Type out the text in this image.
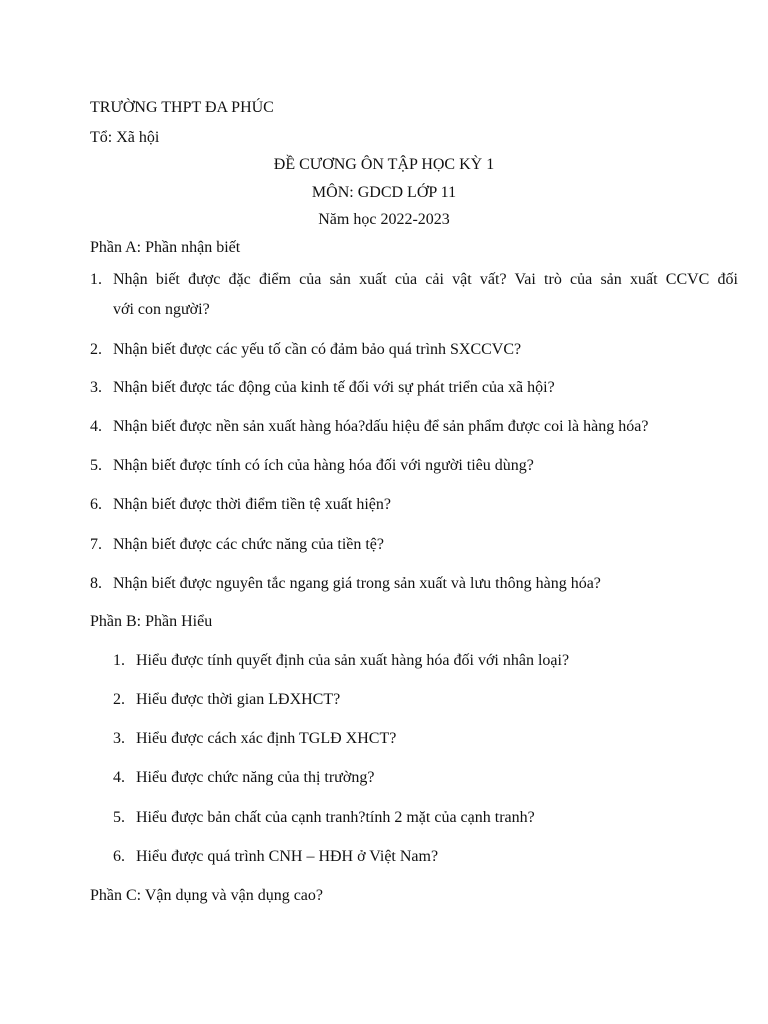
TRƯỜNG THPT ĐA PHÚC
Tổ: Xã hội
ĐỀ CƯƠNG ÔN TẬP HỌC KỲ 1
MÔN: GDCD LỚP 11
Năm học 2022-2023
Phần A: Phần nhận biết
1. Nhận biết được đặc điểm của sản xuất của cải vật vất? Vai trò của sản xuất CCVC đối
với con người?
2. Nhận biết được các yếu tố cần có đảm bảo quá trình SXCCVC?
3. Nhận biết được tác động của kinh tế đối với sự phát triển của xã hội?
4. Nhận biết được nền sản xuất hàng hóa?dấu hiệu để sản phẩm được coi là hàng hóa?
5. Nhận biết được tính có ích của hàng hóa đối với người tiêu dùng?
6. Nhận biết được thời điểm tiền tệ xuất hiện?
7. Nhận biết được các chức năng của tiền tệ?
8. Nhận biết được nguyên tắc ngang giá trong sản xuất và lưu thông hàng hóa?
Phần B: Phần Hiểu
1. Hiểu được tính quyết định của sản xuất hàng hóa đối với nhân loại?
2. Hiểu được thời gian LĐXHCT?
3. Hiểu được cách xác định TGLĐ XHCT?
4. Hiểu được chức năng của thị trường?
5. Hiểu được bản chất của cạnh tranh?tính 2 mặt của cạnh tranh?
6. Hiểu được quá trình CNH – HĐH ở Việt Nam?
Phần C: Vận dụng và vận dụng cao?
